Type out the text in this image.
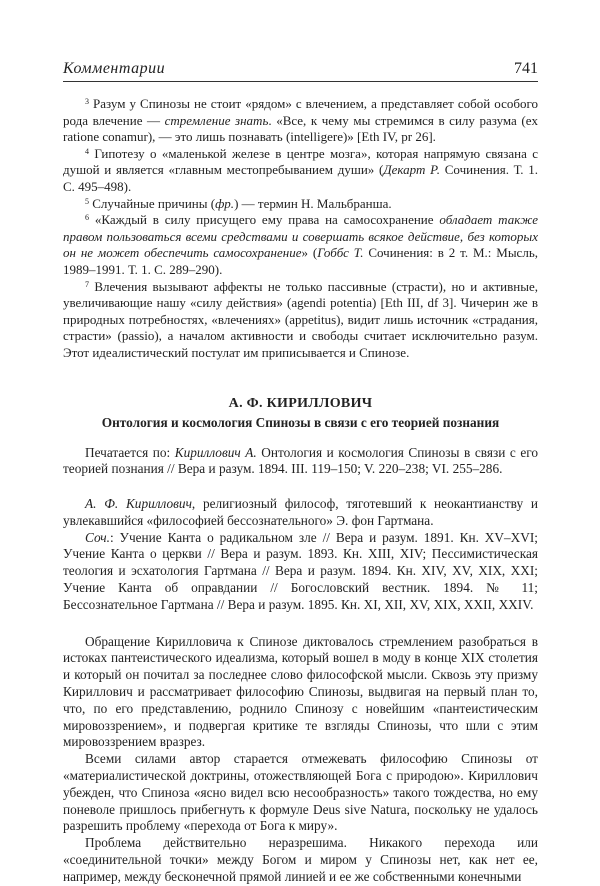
Комментарии	741

$^3$ Разум у Спинозы не стоит «рядом» с влечением, а представляет собой особого рода влечение — стремление знать. «Все, к чему мы стремимся в силу разума (ex ratione conamur), — это лишь познавать (intelligere)» [Eth IV, pr 26].

$^4$ Гипотезу о «маленькой железе в центре мозга», которая напрямую связана с душой и является «главным местопребыванием души» (Декарт Р. Сочинения. Т. 1. С. 495–498).

$^5$ Случайные причины (фр.) — термин Н. Мальбранша.

$^6$ «Каждый в силу присущего ему права на самосохранение обладает также правом пользоваться всеми средствами и совершать всякое действие, без которых он не может обеспечить самосохранение» (Гоббс Т. Сочинения: в 2 т. М.: Мысль, 1989–1991. Т. 1. С. 289–290).

$^7$ Влечения вызывают аффекты не только пассивные (страсти), но и активные, увеличивающие нашу «силу действия» (agendi potentia) [Eth III, df 3]. Чичерин же в природных потребностях, «влечениях» (appetitus), видит лишь источник «страдания, страсти» (passio), а началом активности и свободы считает исключительно разум. Этот идеалистический постулат им приписывается и Спинозе.

А. Ф. КИРИЛЛОВИЧ
Онтология и космология Спинозы в связи с его теорией познания

Печатается по: Кириллович А. Онтология и космология Спинозы в связи с его теорией познания // Вера и разум. 1894. III. 119–150; V. 220–238; VI. 255–286.

А. Ф. Кириллович, религиозный философ, тяготевший к неокантианству и увлекавшийся «философией бессознательного» Э. фон Гартмана.

Соч.: Учение Канта о радикальном зле // Вера и разум. 1891. Кн. XV–XVI; Учение Канта о церкви // Вера и разум. 1893. Кн. XIII, XIV; Пессимистическая теология и эсхатология Гартмана // Вера и разум. 1894. Кн. XIV, XV, XIX, XXI; Учение Канта об оправдании // Богословский вестник. 1894. № 11; Бессознательное Гартмана // Вера и разум. 1895. Кн. XI, XII, XV, XIX, XXII, XXIV.

Обращение Кирилловича к Спинозе диктовалось стремлением разобраться в истоках пантеистического идеализма, который вошел в моду в конце XIX столетия и который он почитал за последнее слово философской мысли. Сквозь эту призму Кириллович и рассматривает философию Спинозы, выдвигая на первый план то, что, по его представлению, роднило Спинозу с новейшим «пантеистическим мировоззрением», и подвергая критике те взгляды Спинозы, что шли с этим мировоззрением вразрез.

Всеми силами автор старается отмежевать философию Спинозы от «материалистической доктрины, отожествляющей Бога с природою». Кириллович убежден, что Спиноза «ясно видел всю несообразность» такого тождества, но ему поневоле пришлось прибегнуть к формуле Deus sive Natura, поскольку не удалось разрешить проблему «перехода от Бога к миру».

Проблема действительно неразрешима. Никакого перехода или «соединительной точки» между Богом и миром у Спинозы нет, как нет ее, например, между бесконечной прямой линией и ее же собственными конечными
